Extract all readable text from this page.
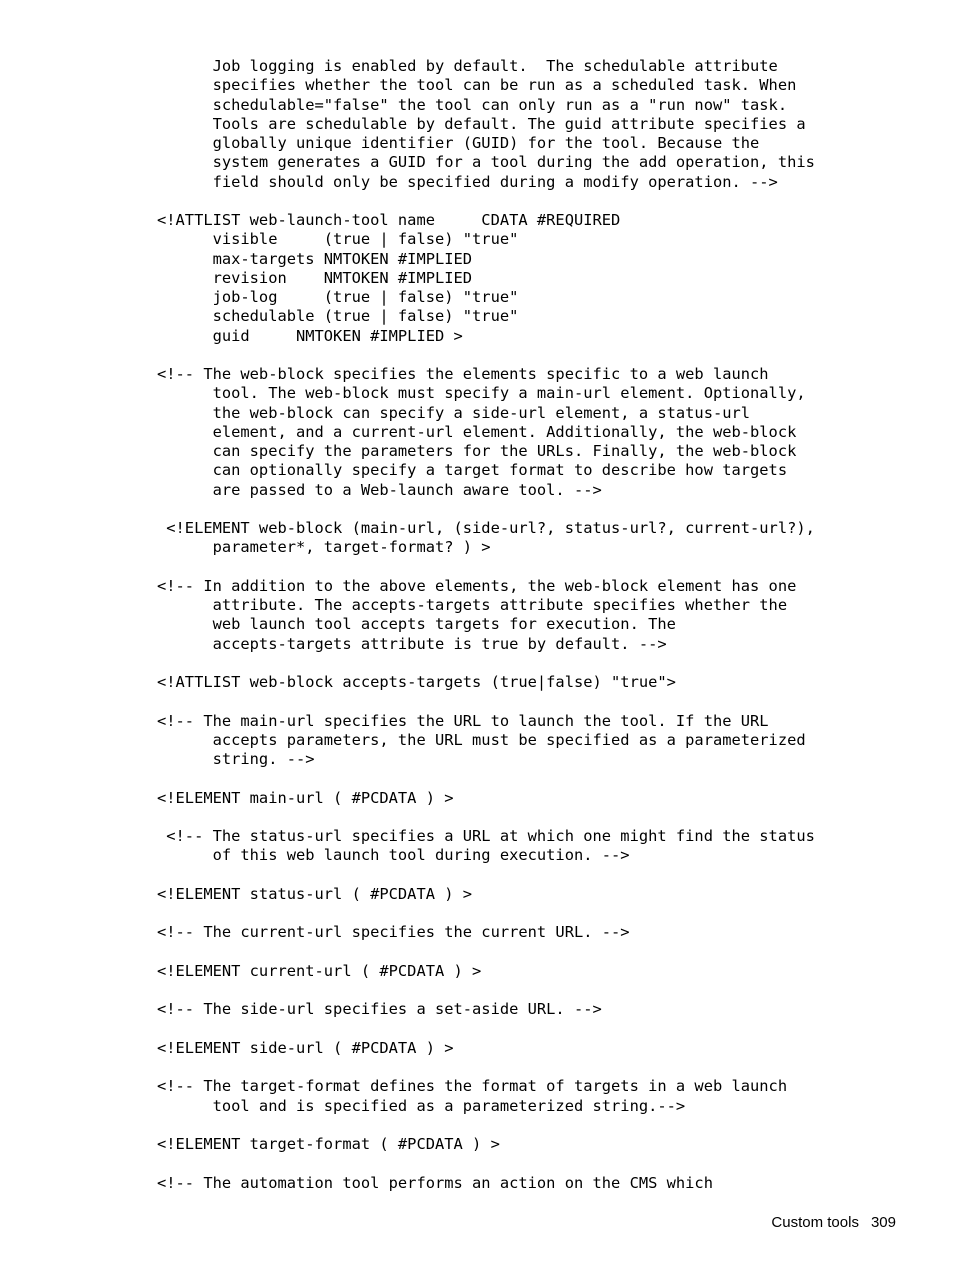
Job logging is enabled by default.  The schedulable attribute
specifies whether the tool can be run as a scheduled task. When
schedulable="false" the tool can only run as a "run now" task.
Tools are schedulable by default. The guid attribute specifies a
globally unique identifier (GUID) for the tool. Because the
system generates a GUID for a tool during the add operation, this
field should only be specified during a modify operation. -->
<!ATTLIST web-launch-tool name     CDATA #REQUIRED
visible     (true | false) "true"
max-targets NMTOKEN #IMPLIED
revision    NMTOKEN #IMPLIED
job-log     (true | false) "true"
schedulable (true | false) "true"
guid     NMTOKEN #IMPLIED >
<!-- The web-block specifies the elements specific to a web launch
tool. The web-block must specify a main-url element. Optionally,
the web-block can specify a side-url element, a status-url
element, and a current-url element. Additionally, the web-block
can specify the parameters for the URLs. Finally, the web-block
can optionally specify a target format to describe how targets
are passed to a Web-launch aware tool. -->
<!ELEMENT web-block (main-url, (side-url?, status-url?, current-url?),
parameter*, target-format? ) >
<!-- In addition to the above elements, the web-block element has one
attribute. The accepts-targets attribute specifies whether the
web launch tool accepts targets for execution. The
accepts-targets attribute is true by default. -->
<!ATTLIST web-block accepts-targets (true|false) "true">
<!-- The main-url specifies the URL to launch the tool. If the URL
accepts parameters, the URL must be specified as a parameterized
string. -->
<!ELEMENT main-url ( #PCDATA ) >
<!-- The status-url specifies a URL at which one might find the status
of this web launch tool during execution. -->
<!ELEMENT status-url ( #PCDATA ) >
<!-- The current-url specifies the current URL. -->
<!ELEMENT current-url ( #PCDATA ) >
<!-- The side-url specifies a set-aside URL. -->
<!ELEMENT side-url ( #PCDATA ) >
<!-- The target-format defines the format of targets in a web launch
tool and is specified as a parameterized string.-->
<!ELEMENT target-format ( #PCDATA ) >
<!-- The automation tool performs an action on the CMS which
Custom tools 309
